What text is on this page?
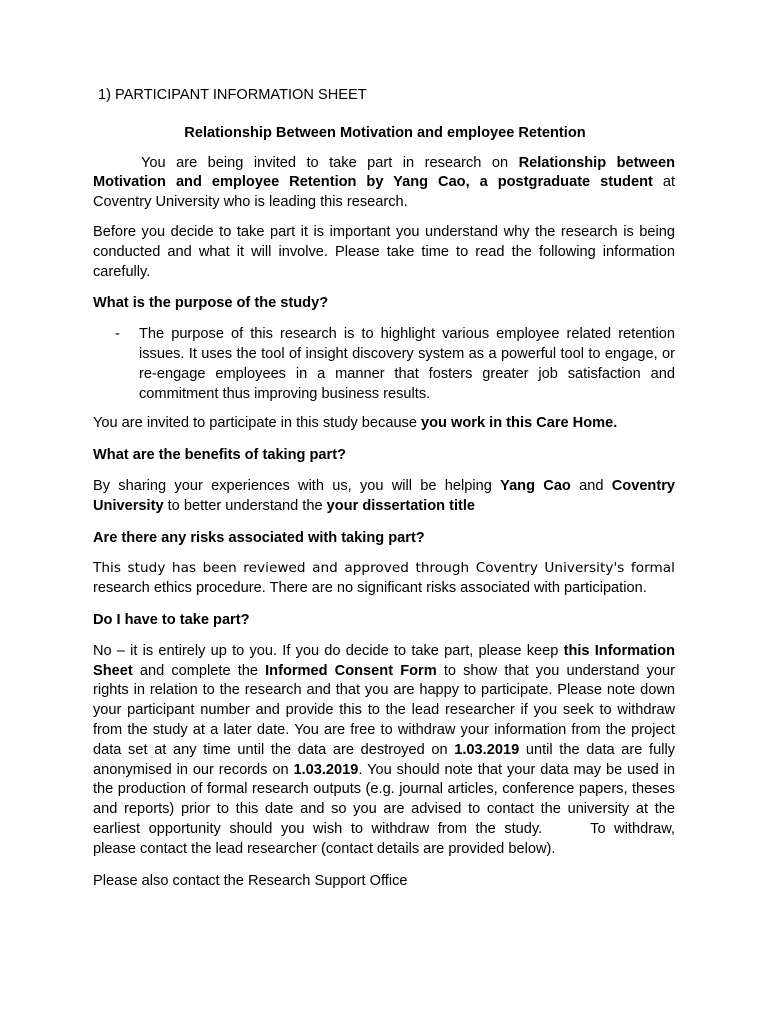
1) PARTICIPANT INFORMATION SHEET

Relationship Between Motivation and employee Retention

You are being invited to take part in research on Relationship between Motivation and employee Retention by Yang Cao, a postgraduate student at Coventry University who is leading this research.

Before you decide to take part it is important you understand why the research is being conducted and what it will involve. Please take time to read the following information carefully.

What is the purpose of the study?

-	The purpose of this research is to highlight various employee related retention issues. It uses the tool of insight discovery system as a powerful tool to engage, or re-engage employees in a manner that fosters greater job satisfaction and commitment thus improving business results.

You are invited to participate in this study because you work in this Care Home.

What are the benefits of taking part?

By sharing your experiences with us, you will be helping Yang Cao and Coventry University to better understand the your dissertation title

Are there any risks associated with taking part?

This study has been reviewed and approved through Coventry University's formal research ethics procedure. There are no significant risks associated with participation.

Do I have to take part?

No – it is entirely up to you. If you do decide to take part, please keep this Information Sheet and complete the Informed Consent Form to show that you understand your rights in relation to the research and that you are happy to participate. Please note down your participant number and provide this to the lead researcher if you seek to withdraw from the study at a later date. You are free to withdraw your information from the project data set at any time until the data are destroyed on 1.03.2019 until the data are fully anonymised in our records on 1.03.2019. You should note that your data may be used in the production of formal research outputs (e.g. journal articles, conference papers, theses and reports) prior to this date and so you are advised to contact the university at the earliest opportunity should you wish to withdraw from the study.	To withdraw, please contact the lead researcher (contact details are provided below).

Please also contact the Research Support Office
